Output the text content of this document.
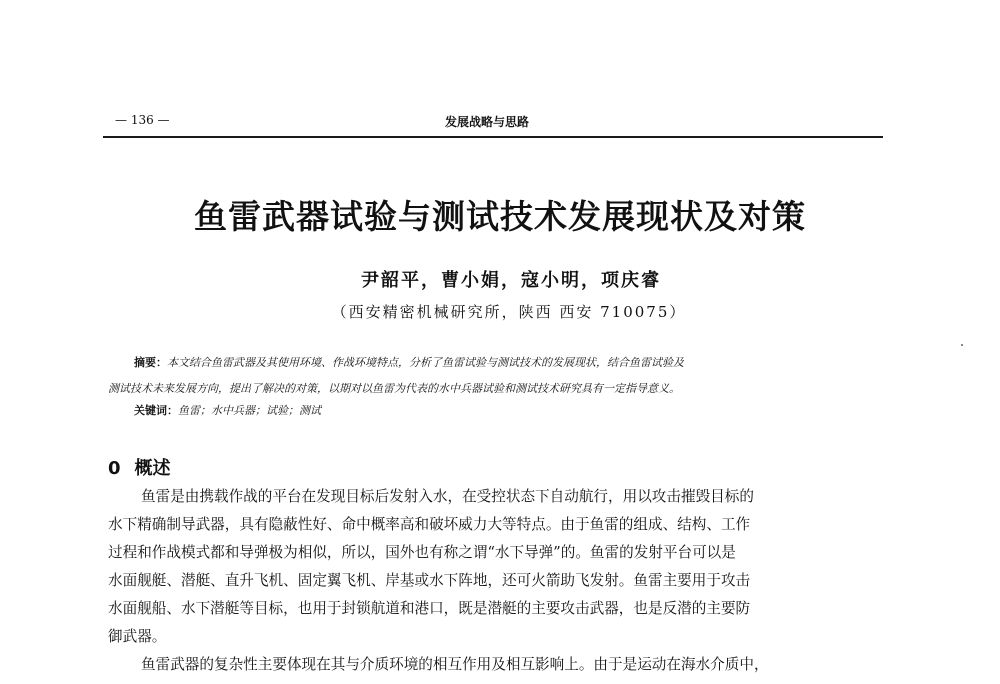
— 136 —	发展战略与思路
鱼雷武器试验与测试技术发展现状及对策
尹韶平，曹小娟，寇小明，项庆睿
（西安精密机械研究所，陕西 西安 710075）
摘要：本文结合鱼雷武器及其使用环境、作战环境特点，分析了鱼雷试验与测试技术的发展现状，结合鱼雷试验及
测试技术未来发展方向，提出了解决的对策，以期对以鱼雷为代表的水中兵器试验和测试技术研究具有一定指导意义。
关键词：鱼雷；水中兵器；试验；测试
0 概述
鱼雷是由携载作战的平台在发现目标后发射入水，在受控状态下自动航行，用以攻击摧毁目标的
水下精确制导武器，具有隐蔽性好、命中概率高和破坏威力大等特点。由于鱼雷的组成、结构、工作
过程和作战模式都和导弹极为相似，所以，国外也有称之谓“水下导弹”的。鱼雷的发射平台可以是
水面舰艇、潜艇、直升飞机、固定翼飞机、岸基或水下阵地，还可火箭助飞发射。鱼雷主要用于攻击
水面舰船、水下潜艇等目标，也用于封锁航道和港口，既是潜艇的主要攻击武器，也是反潜的主要防
御武器。
鱼雷武器的复杂性主要体现在其与介质环境的相互作用及相互影响上。由于是运动在海水介质中，
